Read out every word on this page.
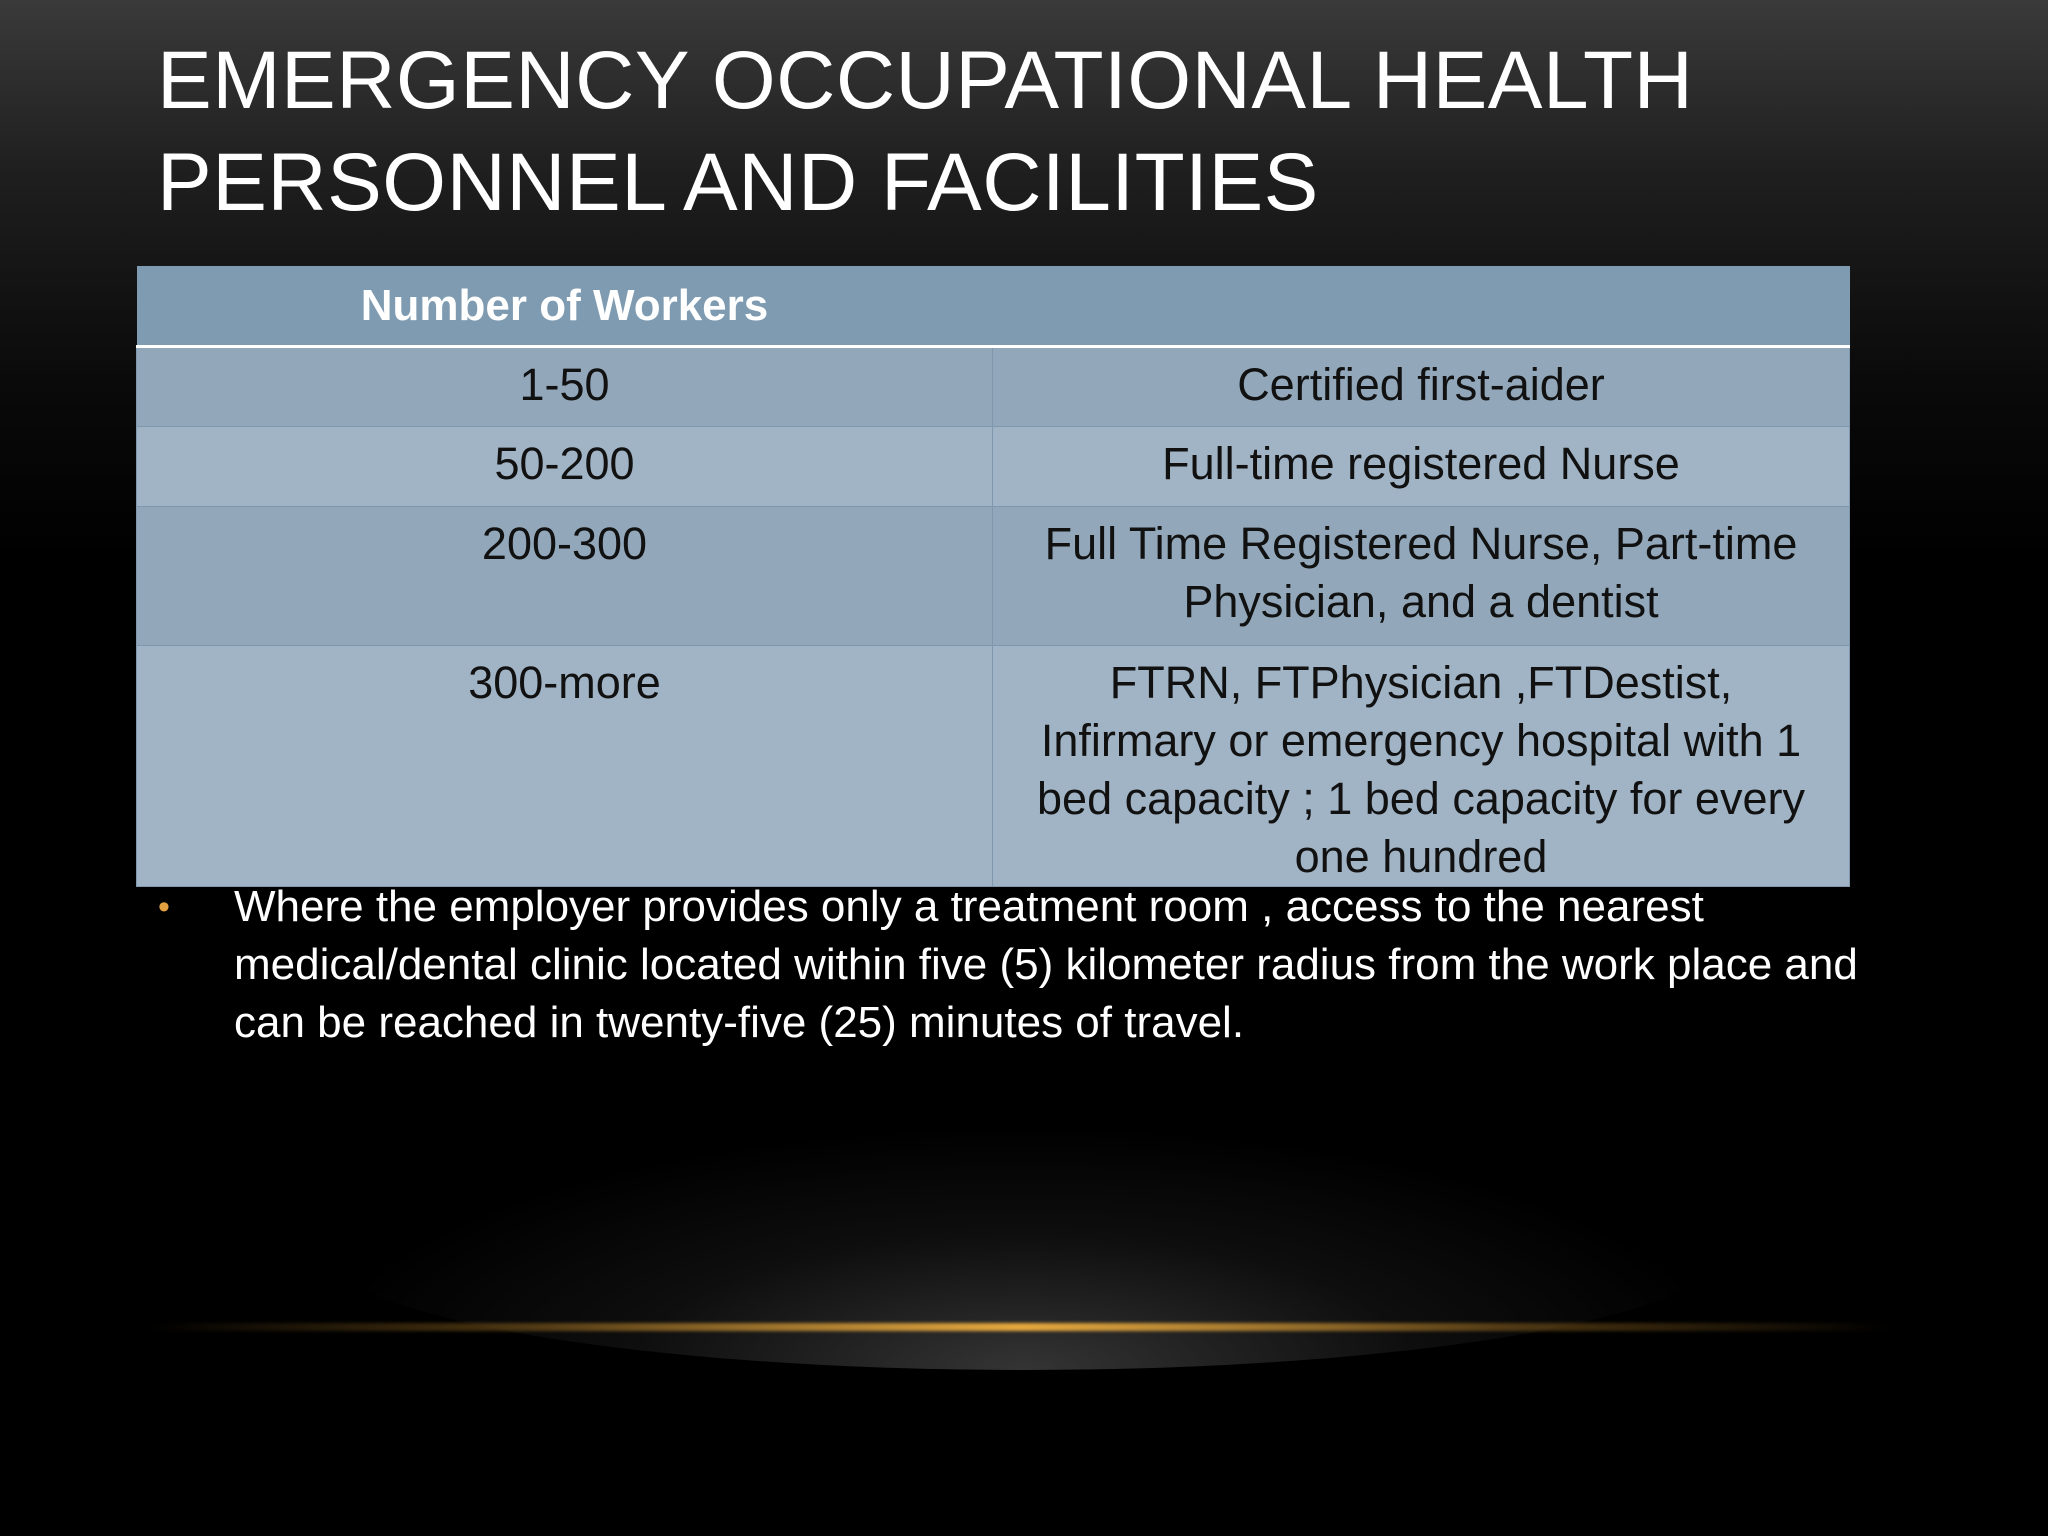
EMERGENCY OCCUPATIONAL HEALTH
PERSONNEL AND FACILITIES
Number of Workers	
1-50	Certified first-aider
50-200	Full-time registered Nurse
200-300	Full Time Registered Nurse, Part-time Physician, and a dentist
300-more	FTRN, FTPhysician ,FTDestist, Infirmary or emergency hospital with 1 bed capacity ; 1 bed capacity for every one hundred
• Where the employer provides only a treatment room , access to the nearest medical/dental clinic located within five (5) kilometer radius from the work place and can be reached in twenty-five (25) minutes of travel.
